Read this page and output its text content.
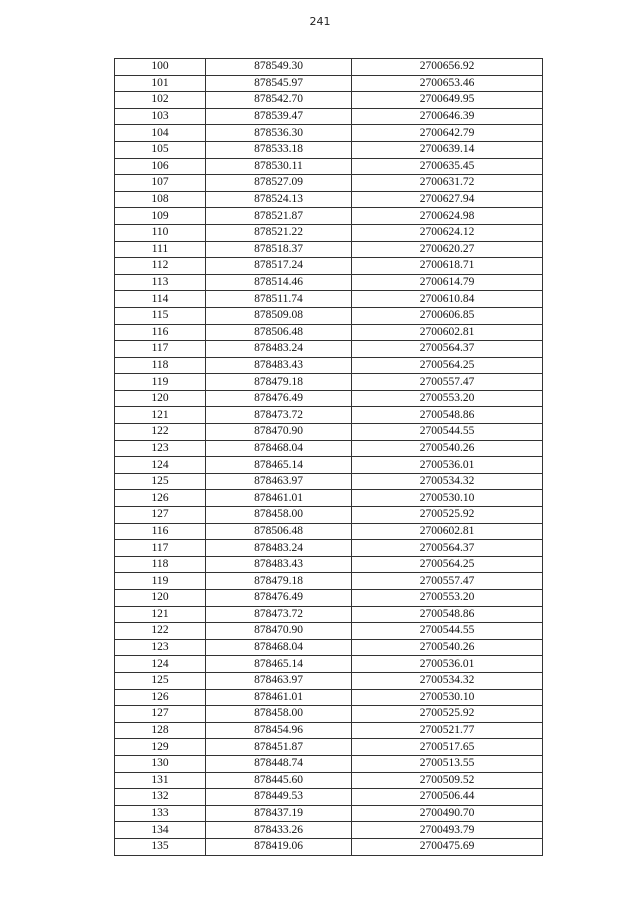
241
100	878549.30	2700656.92
101	878545.97	2700653.46
102	878542.70	2700649.95
103	878539.47	2700646.39
104	878536.30	2700642.79
105	878533.18	2700639.14
106	878530.11	2700635.45
107	878527.09	2700631.72
108	878524.13	2700627.94
109	878521.87	2700624.98
110	878521.22	2700624.12
111	878518.37	2700620.27
112	878517.24	2700618.71
113	878514.46	2700614.79
114	878511.74	2700610.84
115	878509.08	2700606.85
116	878506.48	2700602.81
117	878483.24	2700564.37
118	878483.43	2700564.25
119	878479.18	2700557.47
120	878476.49	2700553.20
121	878473.72	2700548.86
122	878470.90	2700544.55
123	878468.04	2700540.26
124	878465.14	2700536.01
125	878463.97	2700534.32
126	878461.01	2700530.10
127	878458.00	2700525.92
116	878506.48	2700602.81
117	878483.24	2700564.37
118	878483.43	2700564.25
119	878479.18	2700557.47
120	878476.49	2700553.20
121	878473.72	2700548.86
122	878470.90	2700544.55
123	878468.04	2700540.26
124	878465.14	2700536.01
125	878463.97	2700534.32
126	878461.01	2700530.10
127	878458.00	2700525.92
128	878454.96	2700521.77
129	878451.87	2700517.65
130	878448.74	2700513.55
131	878445.60	2700509.52
132	878449.53	2700506.44
133	878437.19	2700490.70
134	878433.26	2700493.79
135	878419.06	2700475.69
